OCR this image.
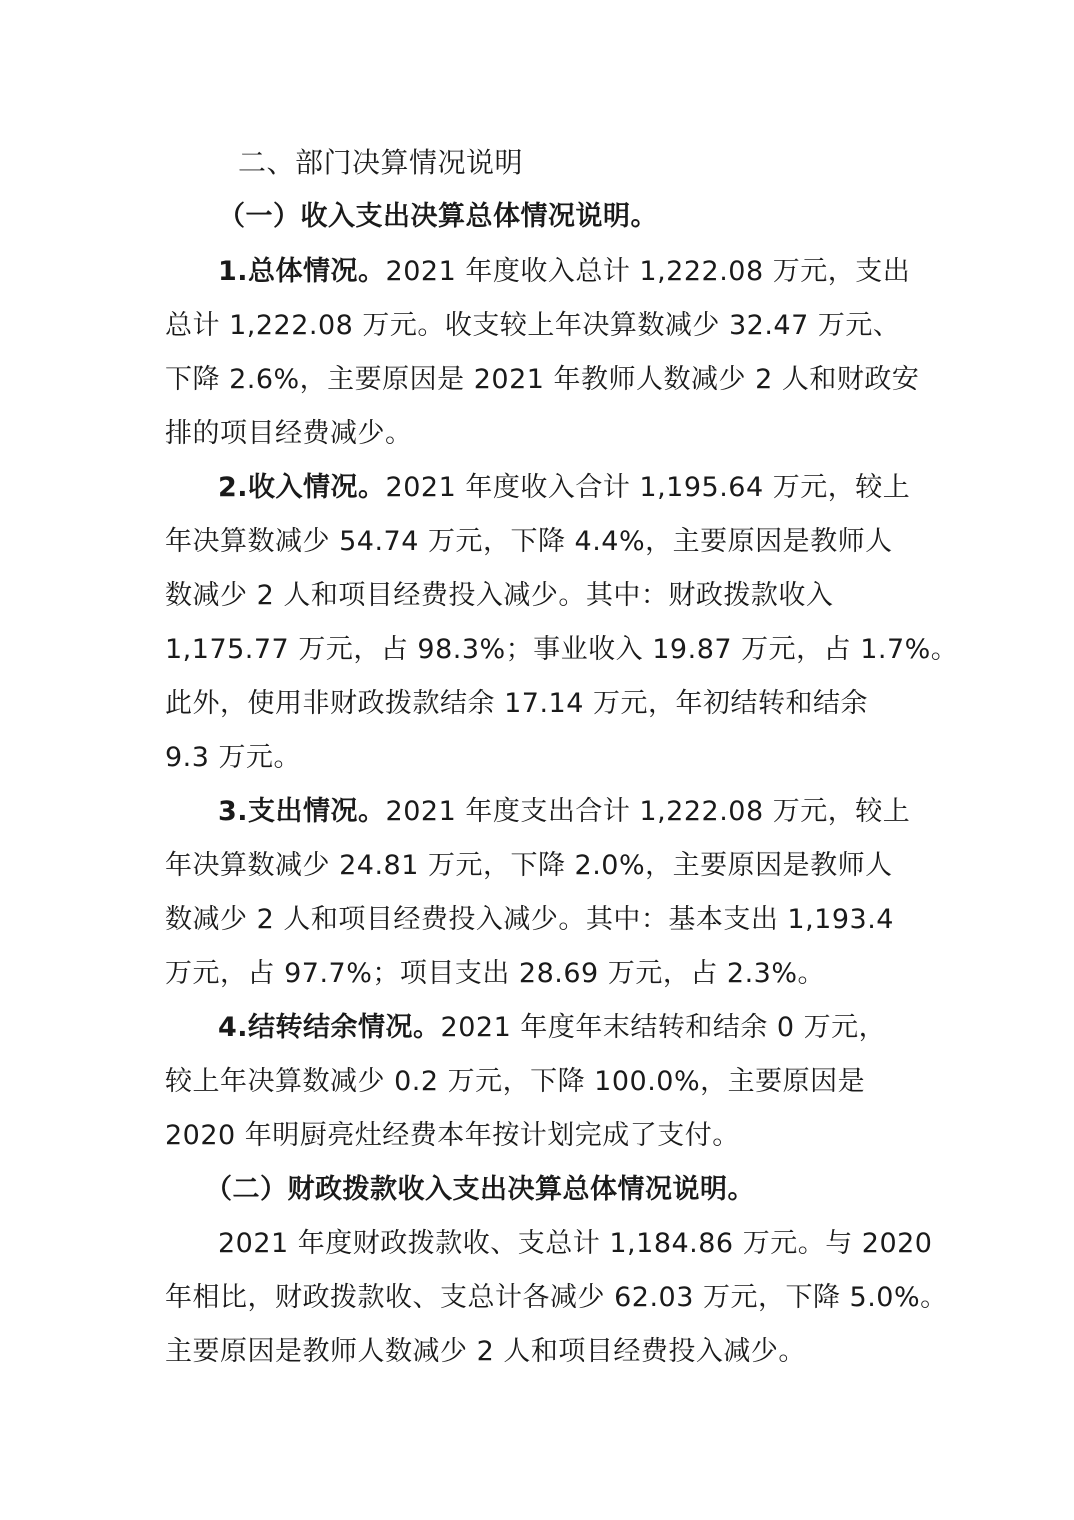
二、部门决算情况说明
（一）收入支出决算总体情况说明。
1.总体情况。2021 年度收入总计 1,222.08 万元，支出
总计 1,222.08 万元。收支较上年决算数减少 32.47 万元、
下降 2.6%，主要原因是 2021 年教师人数减少 2 人和财政安
排的项目经费减少。
2.收入情况。2021 年度收入合计 1,195.64 万元，较上
年决算数减少 54.74 万元，下降 4.4%，主要原因是教师人
数减少 2 人和项目经费投入减少。其中：财政拨款收入
1,175.77 万元，占 98.3%；事业收入 19.87 万元，占 1.7%。
此外，使用非财政拨款结余 17.14 万元，年初结转和结余
9.3 万元。
3.支出情况。2021 年度支出合计 1,222.08 万元，较上
年决算数减少 24.81 万元，下降 2.0%，主要原因是教师人
数减少 2 人和项目经费投入减少。其中：基本支出 1,193.4
万元，占 97.7%；项目支出 28.69 万元，占 2.3%。
4.结转结余情况。2021 年度年末结转和结余 0 万元，
较上年决算数减少 0.2 万元，下降 100.0%，主要原因是
2020 年明厨亮灶经费本年按计划完成了支付。
（二）财政拨款收入支出决算总体情况说明。
2021 年度财政拨款收、支总计 1,184.86 万元。与 2020
年相比，财政拨款收、支总计各减少 62.03 万元，下降 5.0%。
主要原因是教师人数减少 2 人和项目经费投入减少。
